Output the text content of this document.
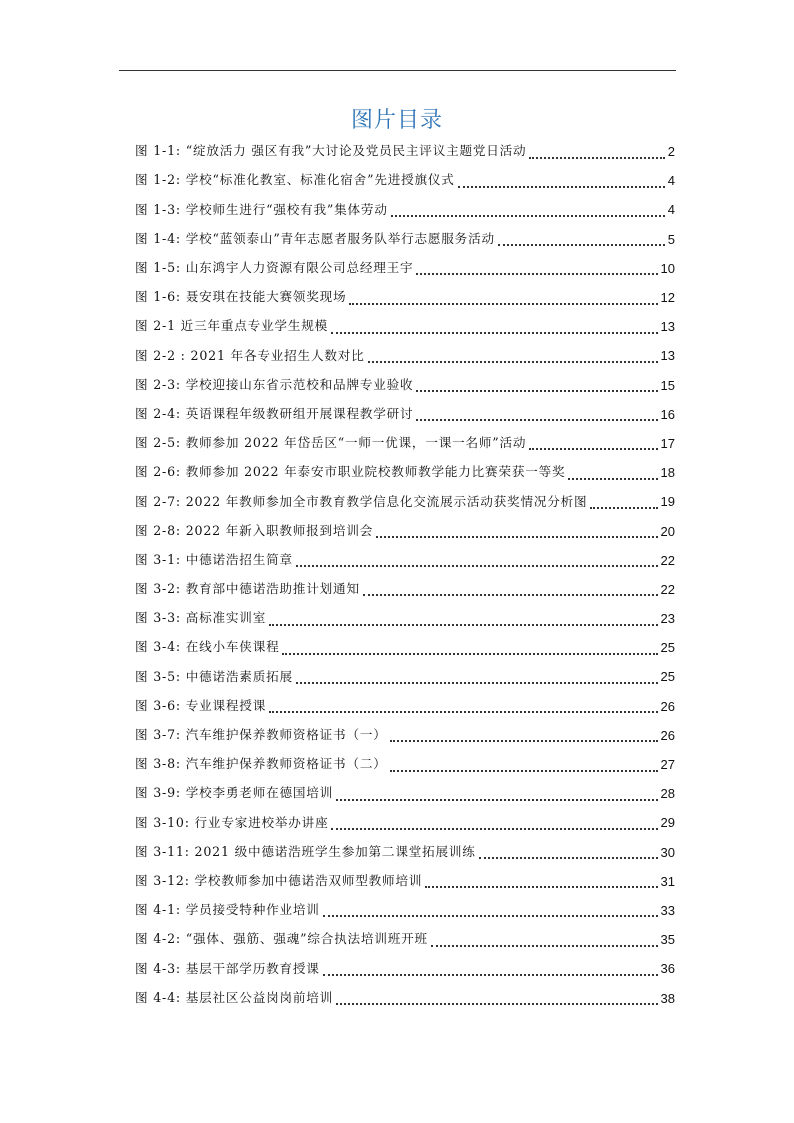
图片目录
图 1-1: “绽放活力 强区有我”大讨论及党员民主评议主题党日活动	2
图 1-2: 学校“标准化教室、标准化宿舍”先进授旗仪式	4
图 1-3: 学校师生进行“强校有我”集体劳动	4
图 1-4: 学校“蓝领泰山”青年志愿者服务队举行志愿服务活动	5
图 1-5: 山东鸿宇人力资源有限公司总经理王宇	10
图 1-6: 聂安琪在技能大赛领奖现场	12
图 2-1 近三年重点专业学生规模	13
图 2-2 : 2021 年各专业招生人数对比	13
图 2-3: 学校迎接山东省示范校和品牌专业验收	15
图 2-4: 英语课程年级教研组开展课程教学研讨	16
图 2-5: 教师参加 2022 年岱岳区“一师一优课，一课一名师”活动	17
图 2-6: 教师参加 2022 年泰安市职业院校教师教学能力比赛荣获一等奖	18
图 2-7: 2022 年教师参加全市教育教学信息化交流展示活动获奖情况分析图	19
图 2-8: 2022 年新入职教师报到培训会	20
图 3-1: 中德诺浩招生简章	22
图 3-2: 教育部中德诺浩助推计划通知	22
图 3-3: 高标准实训室	23
图 3-4: 在线小车侠课程	25
图 3-5: 中德诺浩素质拓展	25
图 3-6: 专业课程授课	26
图 3-7: 汽车维护保养教师资格证书（一）	26
图 3-8: 汽车维护保养教师资格证书（二）	27
图 3-9: 学校李勇老师在德国培训	28
图 3-10: 行业专家进校举办讲座	29
图 3-11: 2021 级中德诺浩班学生参加第二课堂拓展训练	30
图 3-12: 学校教师参加中德诺浩双师型教师培训	31
图 4-1: 学员接受特种作业培训	33
图 4-2: “强体、强筋、强魂”综合执法培训班开班	35
图 4-3: 基层干部学历教育授课	36
图 4-4: 基层社区公益岗岗前培训	38
